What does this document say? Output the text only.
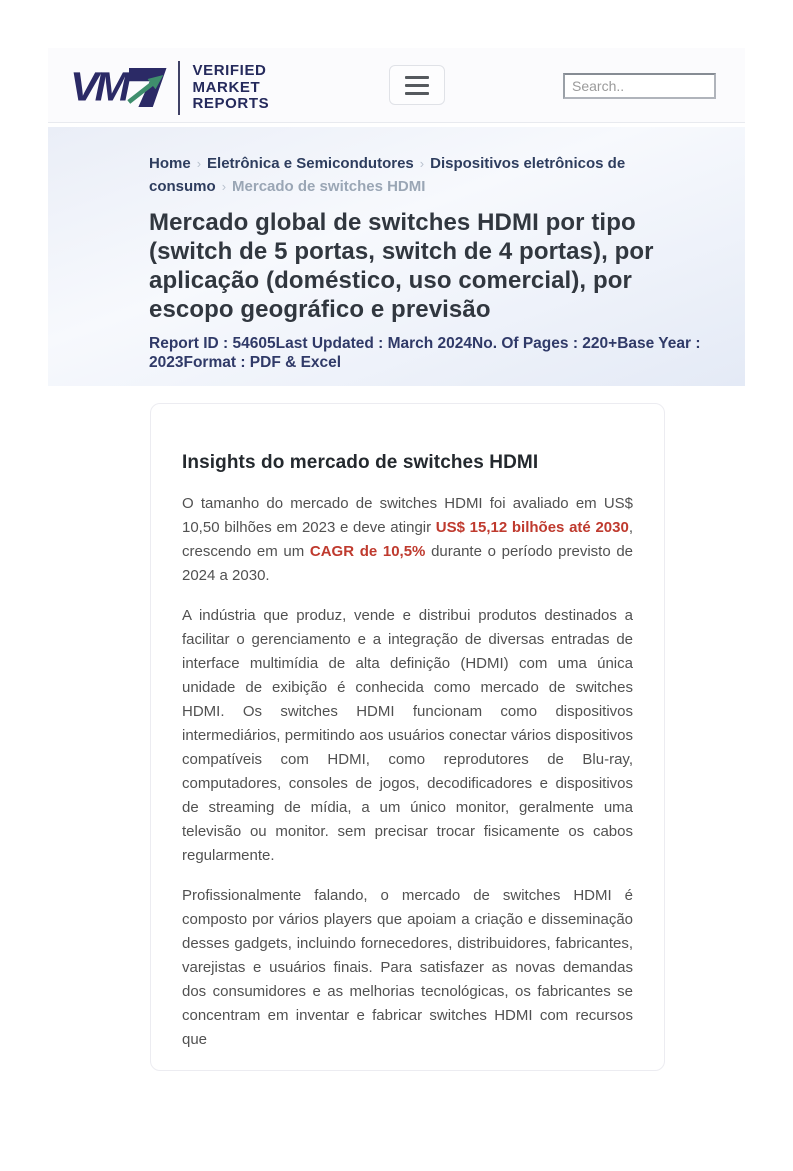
VM	VERIFIED
MARKET
REPORTS
Search..
Home › Eletrônica e Semicondutores › Dispositivos eletrônicos de consumo › Mercado de switches HDMI
Mercado global de switches HDMI por tipo (switch de 5 portas, switch de 4 portas), por aplicação (doméstico, uso comercial), por escopo geográfico e previsão
Report ID : 54605Last Updated : March 2024No. Of Pages : 220+Base Year : 2023Format : PDF & Excel
Insights do mercado de switches HDMI

O tamanho do mercado de switches HDMI foi avaliado em US$ 10,50 bilhões em 2023 e deve atingir US$ 15,12 bilhões até 2030, crescendo em um CAGR de 10,5% durante o período previsto de 2024 a 2030.

A indústria que produz, vende e distribui produtos destinados a facilitar o gerenciamento e a integração de diversas entradas de interface multimídia de alta definição (HDMI) com uma única unidade de exibição é conhecida como mercado de switches HDMI. Os switches HDMI funcionam como dispositivos intermediários, permitindo aos usuários conectar vários dispositivos compatíveis com HDMI, como reprodutores de Blu-ray, computadores, consoles de jogos, decodificadores e dispositivos de streaming de mídia, a um único monitor, geralmente uma televisão ou monitor. sem precisar trocar fisicamente os cabos regularmente.

Profissionalmente falando, o mercado de switches HDMI é composto por vários players que apoiam a criação e disseminação desses gadgets, incluindo fornecedores, distribuidores, fabricantes, varejistas e usuários finais. Para satisfazer as novas demandas dos consumidores e as melhorias tecnológicas, os fabricantes se concentram em inventar e fabricar switches HDMI com recursos que
